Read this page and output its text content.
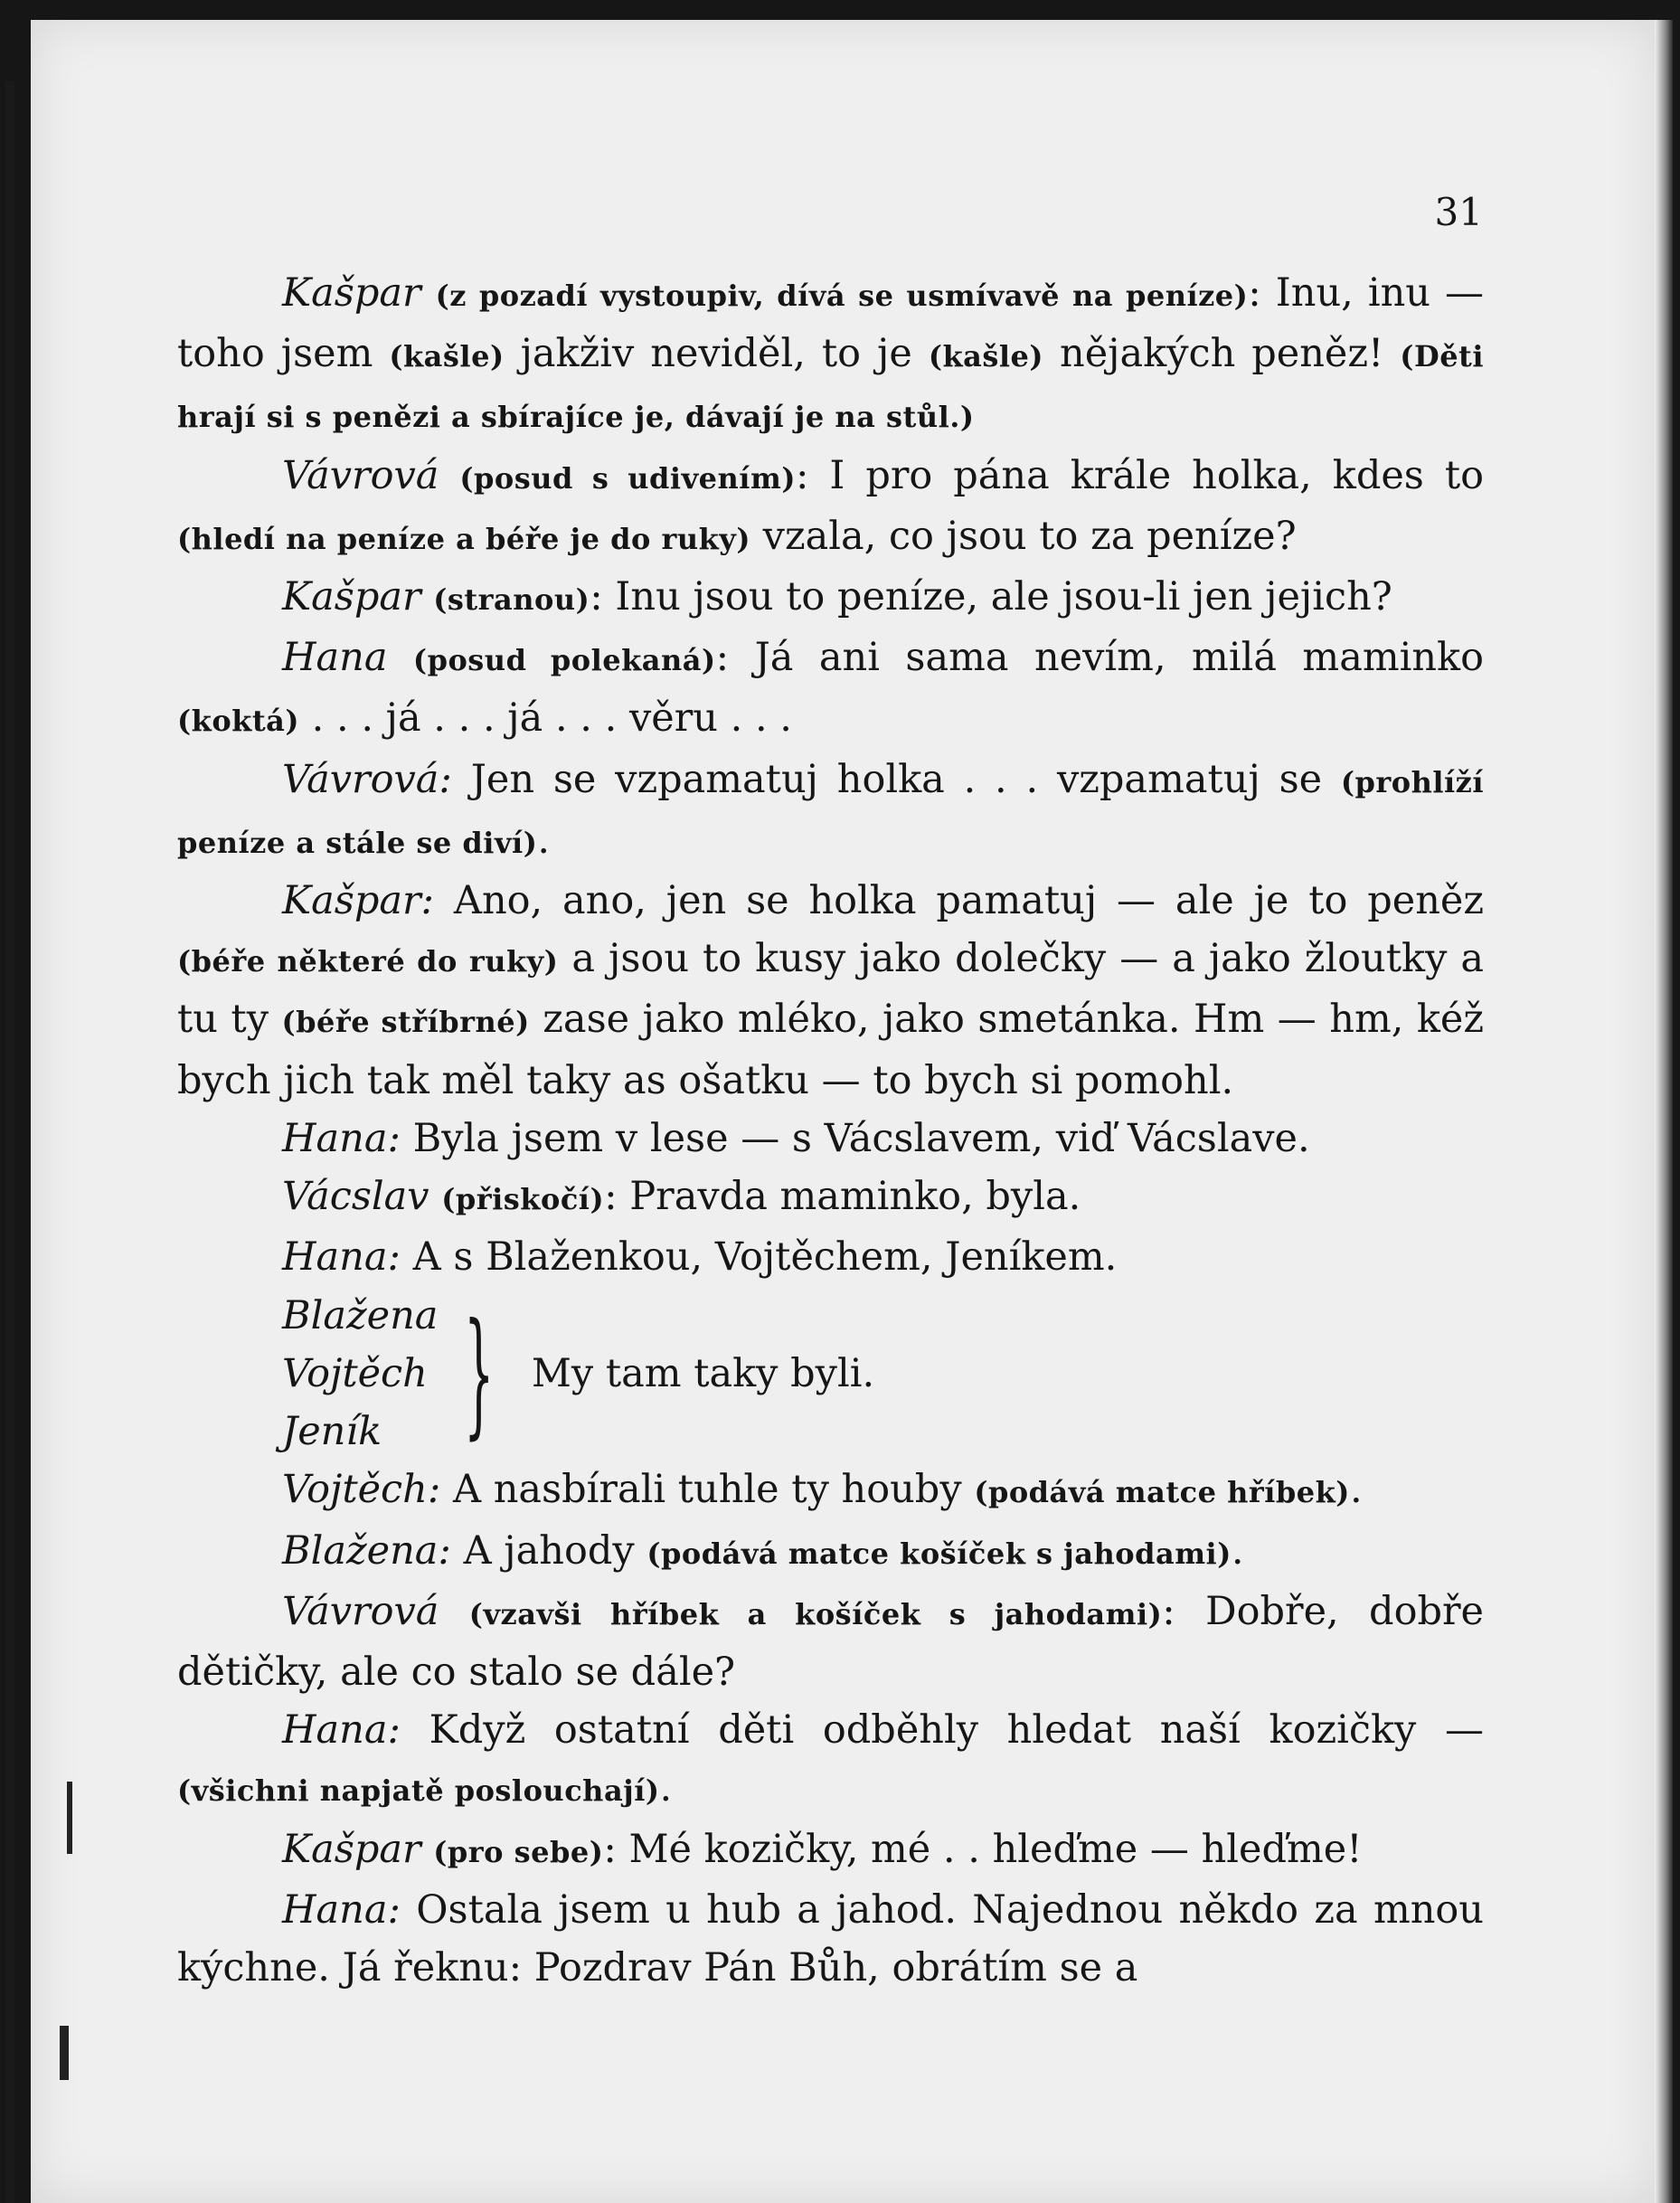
31

Kašpar (z pozadí vystoupiv, dívá se usmívavě na peníze): Inu, inu — toho jsem (kašle) jakživ neviděl, to je (kašle) nějakých peněz! (Děti hrají si s penězi a sbírajíce je, dávají je na stůl.)

Vávrová (posud s udivením): I pro pána krále holka, kdes to (hledí na peníze a béře je do ruky) vzala, co jsou to za peníze?

Kašpar (stranou): Inu jsou to peníze, ale jsou-li jen jejich?

Hana (posud polekaná): Já ani sama nevím, milá maminko (koktá) . . . já . . . já . . . věru . . .

Vávrová: Jen se vzpamatuj holka . . . vzpamatuj se (prohlíží peníze a stále se diví).

Kašpar: Ano, ano, jen se holka pamatuj — ale je to peněz (béře některé do ruky) a jsou to kusy jako dolečky — a jako žloutky a tu ty (béře stříbrné) zase jako mléko, jako smetánka. Hm — hm, kéž bych jich tak měl taky as ošatku — to bych si pomohl.

Hana: Byla jsem v lese — s Vácslavem, viď Vácslave.

Vácslav (přiskočí): Pravda maminko, byla.

Hana: A s Blaženkou, Vojtěchem, Jeníkem.

Blažena
Vojtěch
Jeník } My tam taky byli.

Vojtěch: A nasbírali tuhle ty houby (podává matce hříbek).

Blažena: A jahody (podává matce košíček s jahodami).

Vávrová (vzavši hříbek a košíček s jahodami): Dobře, dobře dětičky, ale co stalo se dále?

Hana: Když ostatní děti odběhly hledat naší kozičky — (všichni napjatě poslouchají).

Kašpar (pro sebe): Mé kozičky, mé . . hleďme — hleďme!

Hana: Ostala jsem u hub a jahod. Najednou někdo za mnou kýchne. Já řeknu: Pozdrav Pán Bůh, obrátím se a
